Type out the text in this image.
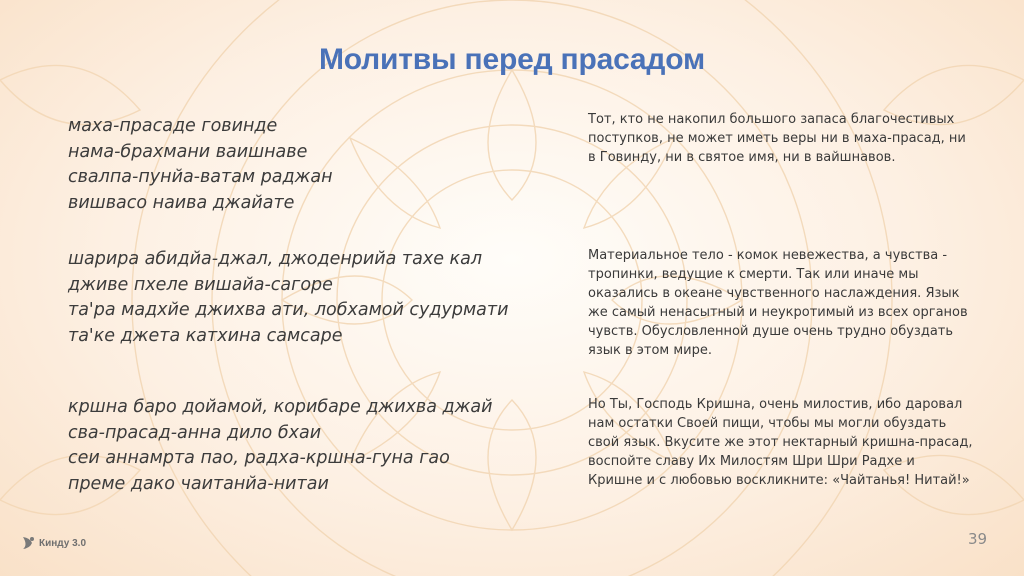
Молитвы перед прасадом
маха-прасаде говинде
нама-брахмани ваишнаве
свалпа-пунйа-ватам раджан
вишвасо наива джайате
шарира абидйа-джал, джоденрийа тахе кал
дживе пхеле вишайа-сагоре
та'ра мадхйе джихва ати, лобхамой судурмати
та'ке джета катхина самсаре
кршна баро дойамой, корибаре джихва джай
сва-прасад-анна дило бхаи
сеи аннамрта пао, радха-кршна-гуна гао
преме дако чаитанйа-нитаи
Тот, кто не накопил большого запаса благочестивых поступков, не может иметь веры ни в маха-прасад, ни в Говинду, ни в святое имя, ни в вайшнавов.
Материальное тело - комок невежества, а чувства - тропинки, ведущие к смерти. Так или иначе мы оказались в океане чувственного наслаждения. Язык же самый ненасытный и неукротимый из всех органов чувств. Обусловленной душе очень трудно обуздать язык в этом мире.
Но Ты, Господь Кришна, очень милостив, ибо даровал нам остатки Своей пищи, чтобы мы могли обуздать свой язык. Вкусите же этот нектарный кришна-прасад, воспойте славу Их Милостям Шри Шри Радхе и Кришне и с любовью воскликните: «Чайтанья! Нитай!»
Кинду 3.0	39
